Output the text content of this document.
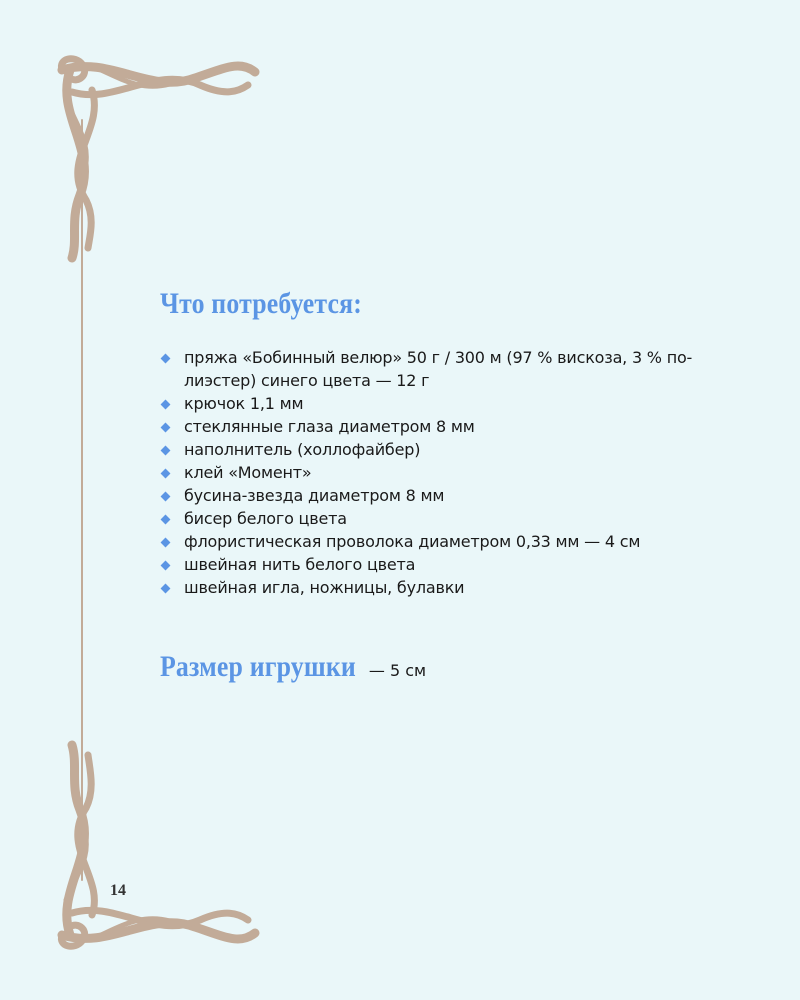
Что потребуется:
пряжа «Бобинный велюр» 50 г / 300 м (97 % вискоза, 3 % по- лиэстер) синего цвета — 12 г
крючок 1,1 мм
стеклянные глаза диаметром 8 мм
наполнитель (холлофайбер)
клей «Момент»
бусина-звезда диаметром 8 мм
бисер белого цвета
флористическая проволока диаметром 0,33 мм — 4 см
швейная нить белого цвета
швейная игла, ножницы, булавки
Размер игрушки — 5 см
14
